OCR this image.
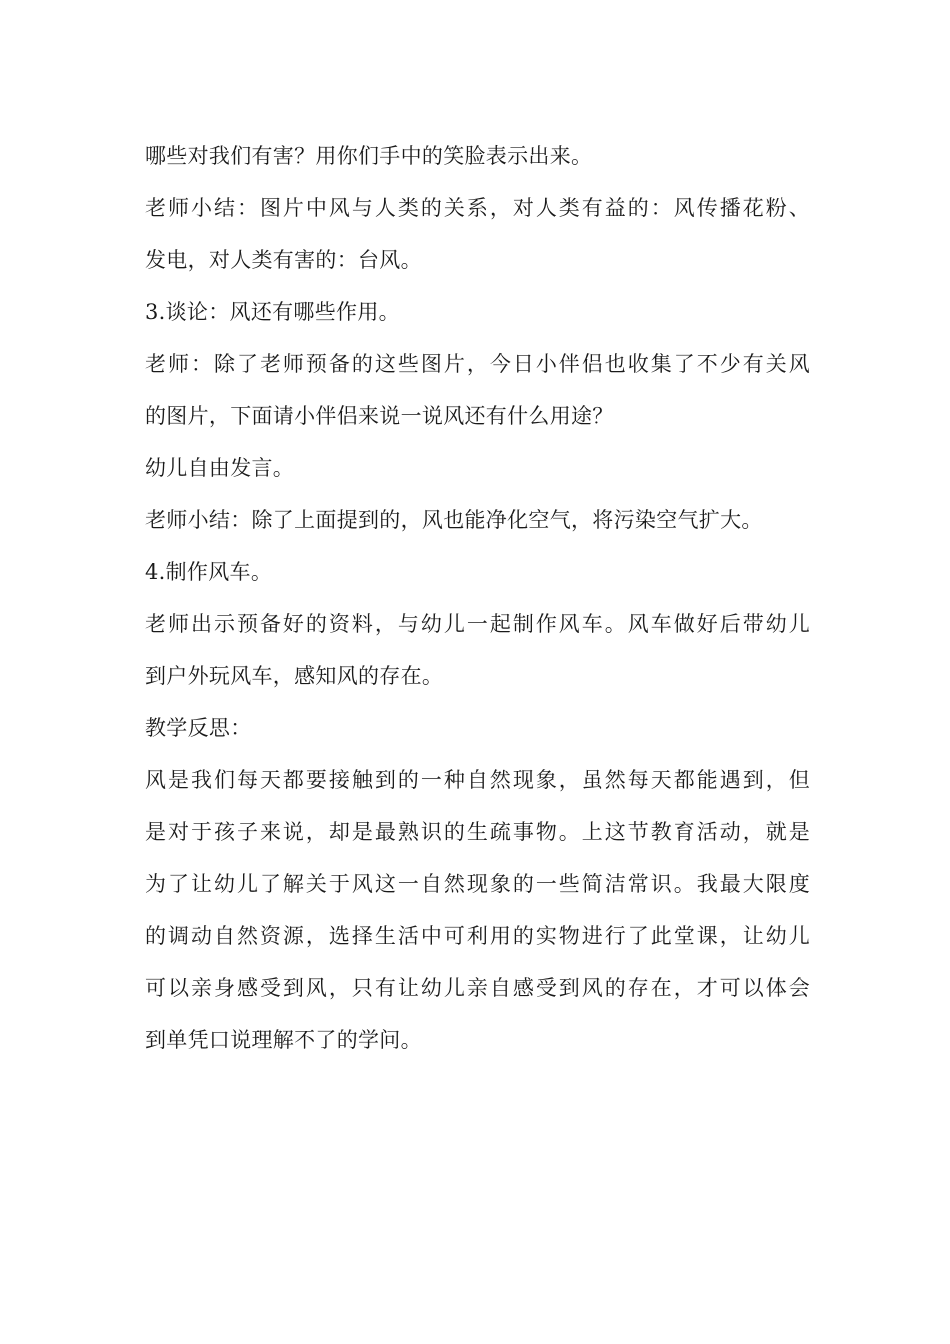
哪些对我们有害？用你们手中的笑脸表示出来。
老师小结：图片中风与人类的关系，对人类有益的：风传播花粉、
发电，对人类有害的：台风。
3.谈论：风还有哪些作用。
老师：除了老师预备的这些图片，今日小伴侣也收集了不少有关风
的图片，下面请小伴侣来说一说风还有什么用途？
幼儿自由发言。
老师小结：除了上面提到的，风也能净化空气，将污染空气扩大。
4.制作风车。
老师出示预备好的资料，与幼儿一起制作风车。风车做好后带幼儿
到户外玩风车，感知风的存在。
教学反思：
风是我们每天都要接触到的一种自然现象，虽然每天都能遇到，但
是对于孩子来说，却是最熟识的生疏事物。上这节教育活动，就是
为了让幼儿了解关于风这一自然现象的一些简洁常识。我最大限度
的调动自然资源，选择生活中可利用的实物进行了此堂课，让幼儿
可以亲身感受到风，只有让幼儿亲自感受到风的存在，才可以体会
到单凭口说理解不了的学问。
